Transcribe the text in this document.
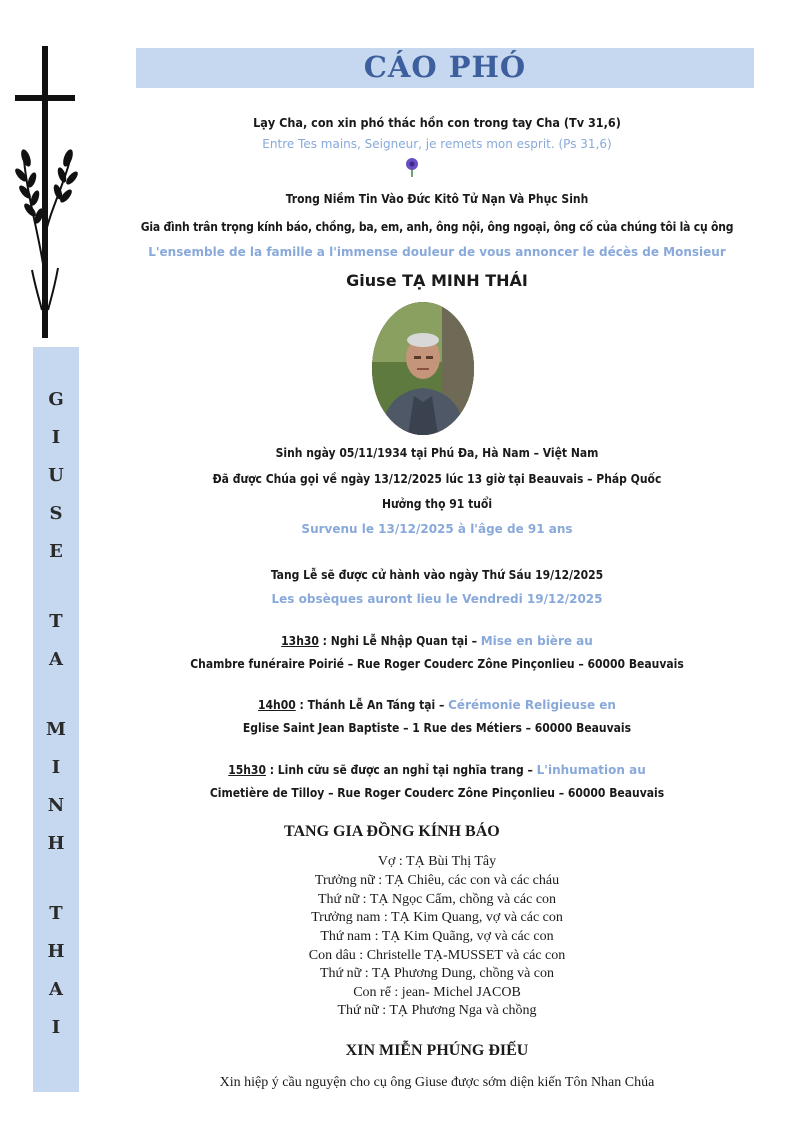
CÁO PHÓ
G
I
U
S
E
T
A
M
I
N
H
T
H
A
I
Lạy Cha, con xin phó thác hồn con trong tay Cha (Tv 31,6)
Entre Tes mains, Seigneur, je remets mon esprit. (Ps 31,6)
Trong Niềm Tin Vào Đức Kitô Tử Nạn Và Phục Sinh
Gia đình trân trọng kính báo, chồng, ba, em, anh, ông nội, ông ngoại, ông cố của chúng tôi là cụ ông
L'ensemble de la famille a l'immense douleur de vous annoncer le décès de Monsieur
Giuse TẠ MINH THÁI
Sinh ngày 05/11/1934 tại Phú Đa, Hà Nam – Việt Nam
Đã được Chúa gọi về ngày 13/12/2025 lúc 13 giờ tại Beauvais – Pháp Quốc
Hưởng thọ 91 tuổi
Survenu le 13/12/2025 à l'âge de 91 ans
Tang Lễ sẽ được cử hành vào ngày Thứ Sáu 19/12/2025
Les obsèques auront lieu le Vendredi 19/12/2025
13h30 : Nghi Lễ Nhập Quan tại – Mise en bière au
Chambre funéraire Poirié – Rue Roger Couderc Zône Pinçonlieu – 60000 Beauvais
14h00 : Thánh Lễ An Táng tại – Cérémonie Religieuse en
Eglise Saint Jean Baptiste – 1 Rue des Métiers – 60000 Beauvais
15h30 : Linh cữu sẽ được an nghỉ tại nghĩa trang – L'inhumation au
Cimetière de Tilloy – Rue Roger Couderc Zône Pinçonlieu – 60000 Beauvais
TANG GIA ĐỒNG KÍNH BÁO
Vợ : TẠ Bùi Thị Tây
Trưởng nữ : TẠ Chiêu, các con và các cháu
Thứ nữ : TẠ Ngọc Cẩm, chồng và các con
Trưởng nam : TẠ Kim Quang, vợ và các con
Thứ nam : TẠ Kim Quãng, vợ và các con
Con dâu : Christelle TẠ-MUSSET và các con
Thứ nữ : TẠ Phương Dung, chồng và con
Con rể : jean- Michel JACOB
Thứ nữ : TẠ Phương Nga và chồng
XIN MIỄN PHÚNG ĐIẾU
Xin hiệp ý cầu nguyện cho cụ ông Giuse được sớm diện kiến Tôn Nhan Chúa
